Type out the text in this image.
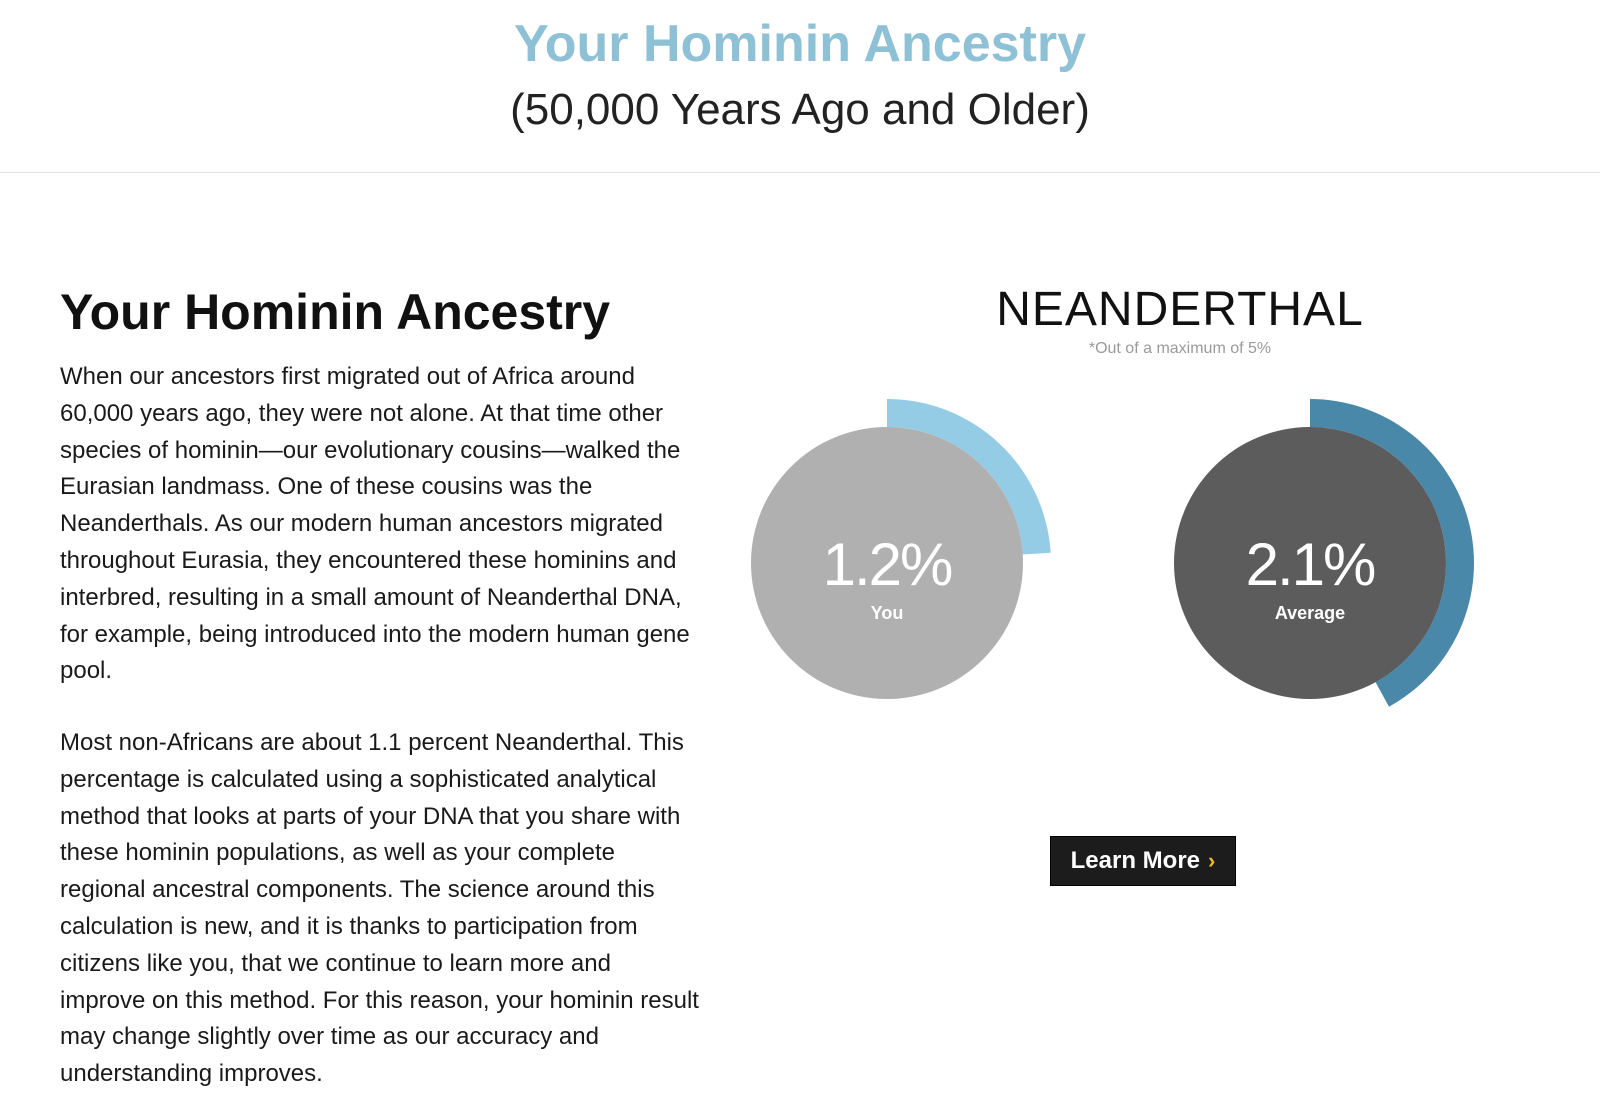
Your Hominin Ancestry
(50,000 Years Ago and Older)
Your Hominin Ancestry
When our ancestors first migrated out of Africa around 60,000 years ago, they were not alone. At that time other species of hominin—our evolutionary cousins—walked the Eurasian landmass. One of these cousins was the Neanderthals. As our modern human ancestors migrated throughout Eurasia, they encountered these hominins and interbred, resulting in a small amount of Neanderthal DNA, for example, being introduced into the modern human gene pool.
Most non-Africans are about 1.1 percent Neanderthal. This percentage is calculated using a sophisticated analytical method that looks at parts of your DNA that you share with these hominin populations, as well as your complete regional ancestral components. The science around this calculation is new, and it is thanks to participation from citizens like you, that we continue to learn more and improve on this method. For this reason, your hominin result may change slightly over time as our accuracy and understanding improves.
NEANDERTHAL
*Out of a maximum of 5%
1.2%
You
2.1%
Average
Learn More ›
